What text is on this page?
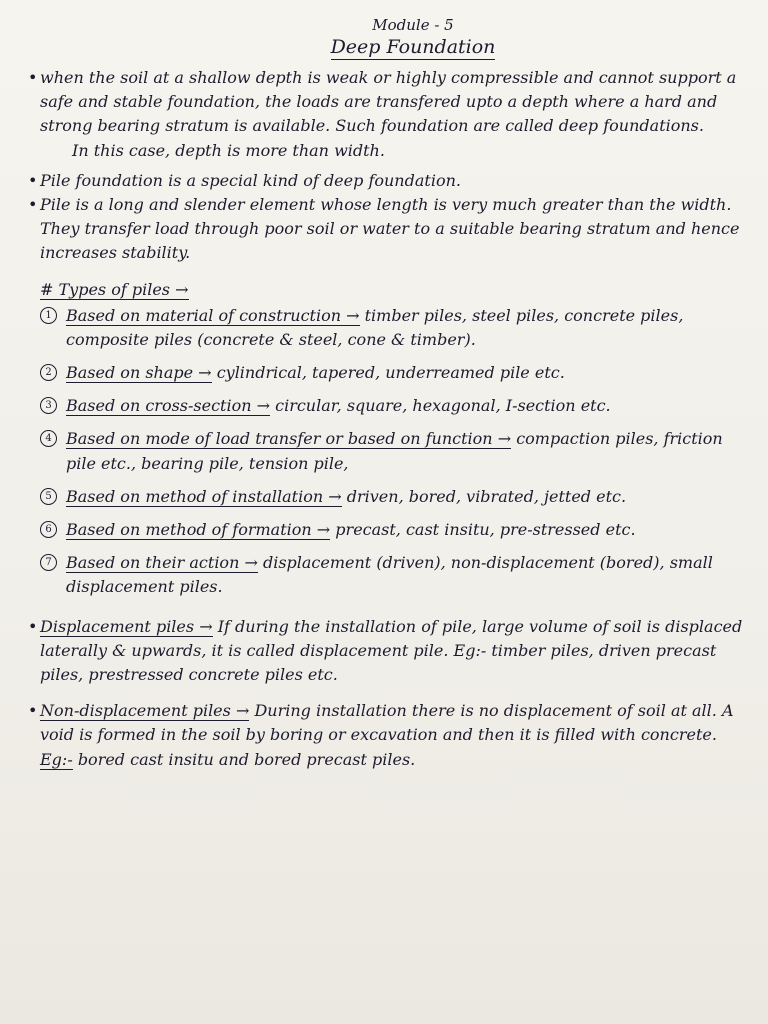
Module - 5
Deep Foundation

• when the soil at a shallow depth is weak or highly compressible and cannot support a safe and stable foundation, the loads are transfered upto a depth where a hard and strong bearing stratum is available. Such foundation are called deep foundations.

In this case, depth is more than width.

• Pile foundation is a special kind of deep foundation.

• Pile is a long and slender element whose length is very much greater than the width. They transfer load through poor soil or water to a suitable bearing stratum and hence increases stability.

# Types of piles →
1 Based on material of construction → timber piles, steel piles, concrete piles, composite piles (concrete & steel, cone & timber).
2 Based on shape → cylindrical, tapered, underreamed pile etc.
3 Based on cross-section → circular, square, hexagonal, I-section etc.
4 Based on mode of load transfer or based on function → compaction piles, friction pile etc., bearing pile, tension pile,
5 Based on method of installation → driven, bored, vibrated, jetted etc.
6 Based on method of formation → precast, cast insitu, pre-stressed etc.
7 Based on their action → displacement (driven), non-displacement (bored), small displacement piles.

• Displacement piles → If during the installation of pile, large volume of soil is displaced laterally & upwards, it is called displacement pile. Eg:- timber piles, driven precast piles, prestressed concrete piles etc.

• Non-displacement piles → During installation there is no displacement of soil at all. A void is formed in the soil by boring or excavation and then it is filled with concrete. Eg:- bored cast insitu and bored precast piles.
